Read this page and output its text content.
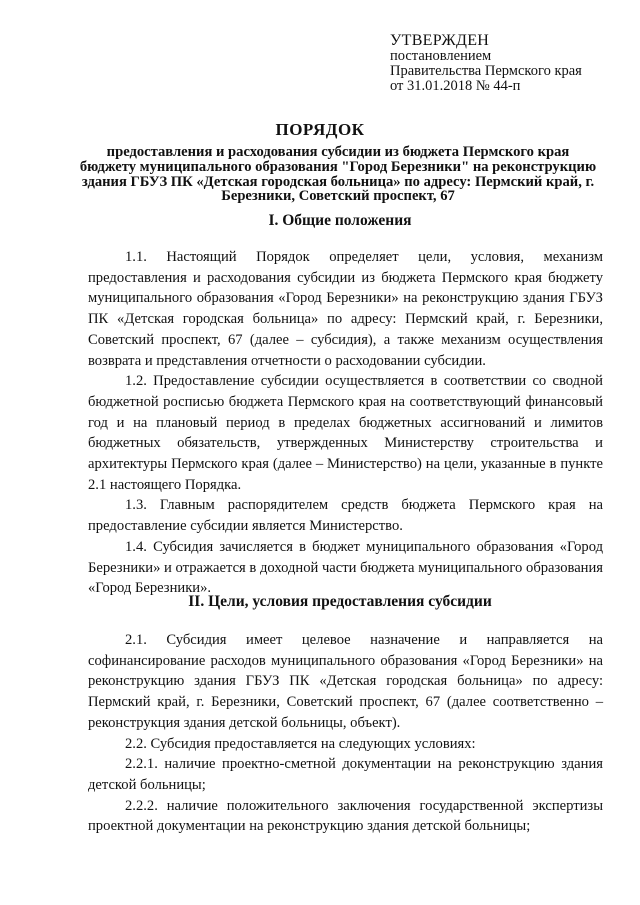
УТВЕРЖДЕН
постановлением
Правительства Пермского края
от 31.01.2018 № 44-п
ПОРЯДОК
предоставления и расходования субсидии из бюджета Пермского края бюджету муниципального образования "Город Березники" на реконструкцию здания ГБУЗ ПК «Детская городская больница» по адресу: Пермский край, г. Березники, Советский проспект, 67
I. Общие положения

1.1. Настоящий Порядок определяет цели, условия, механизм предоставления и расходования субсидии из бюджета Пермского края бюджету муниципального образования «Город Березники» на реконструкцию здания ГБУЗ ПК «Детская городская больница» по адресу: Пермский край, г. Березники, Советский проспект, 67 (далее – субсидия), а также механизм осуществления возврата и представления отчетности о расходовании субсидии.

1.2. Предоставление субсидии осуществляется в соответствии со сводной бюджетной росписью бюджета Пермского края на соответствующий финансовый год и на плановый период в пределах бюджетных ассигнований и лимитов бюджетных обязательств, утвержденных Министерству строительства и архитектуры Пермского края (далее – Министерство) на цели, указанные в пункте 2.1 настоящего Порядка.

1.3. Главным распорядителем средств бюджета Пермского края на предоставление субсидии является Министерство.

1.4. Субсидия зачисляется в бюджет муниципального образования «Город Березники» и отражается в доходной части бюджета муниципального образования «Город Березники».

II. Цели, условия предоставления субсидии

2.1. Субсидия имеет целевое назначение и направляется на софинансирование расходов муниципального образования «Город Березники» на реконструкцию здания ГБУЗ ПК «Детская городская больница» по адресу: Пермский край, г. Березники, Советский проспект, 67 (далее соответственно – реконструкция здания детской больницы, объект).

2.2. Субсидия предоставляется на следующих условиях:

2.2.1. наличие проектно-сметной документации на реконструкцию здания детской больницы;

2.2.2. наличие положительного заключения государственной экспертизы проектной документации на реконструкцию здания детской больницы;
